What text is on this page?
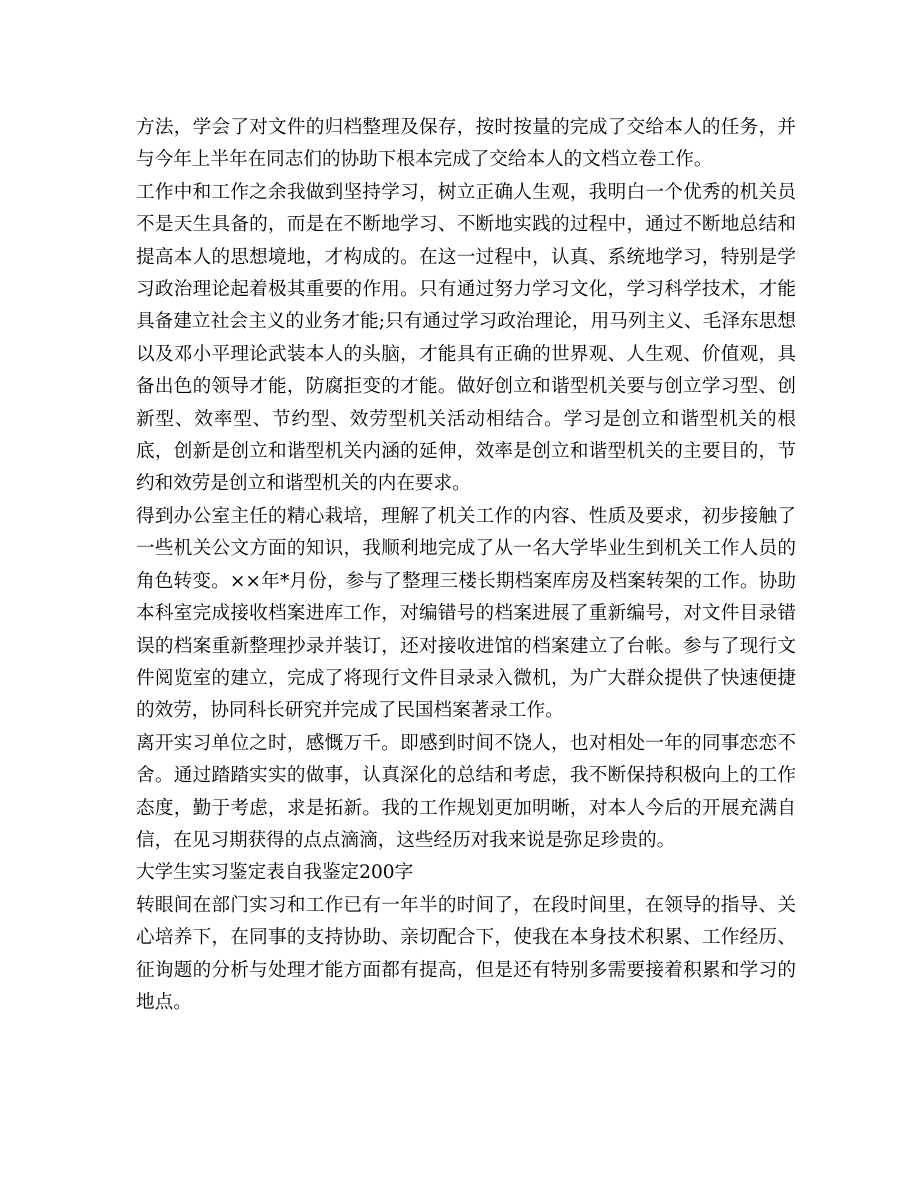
方法，学会了对文件的归档整理及保存，按时按量的完成了交给本人的任务，并与今年上半年在同志们的协助下根本完成了交给本人的文档立卷工作。

工作中和工作之余我做到坚持学习，树立正确人生观，我明白一个优秀的机关员不是天生具备的，而是在不断地学习、不断地实践的过程中，通过不断地总结和提高本人的思想境地，才构成的。在这一过程中，认真、系统地学习，特别是学习政治理论起着极其重要的作用。只有通过努力学习文化，学习科学技术，才能具备建立社会主义的业务才能;只有通过学习政治理论，用马列主义、毛泽东思想以及邓小平理论武装本人的头脑，才能具有正确的世界观、人生观、价值观，具备出色的领导才能，防腐拒变的才能。做好创立和谐型机关要与创立学习型、创新型、效率型、节约型、效劳型机关活动相结合。学习是创立和谐型机关的根底，创新是创立和谐型机关内涵的延伸，效率是创立和谐型机关的主要目的，节约和效劳是创立和谐型机关的内在要求。

得到办公室主任的精心栽培，理解了机关工作的内容、性质及要求，初步接触了一些机关公文方面的知识，我顺利地完成了从一名大学毕业生到机关工作人员的角色转变。××年*月份，参与了整理三楼长期档案库房及档案转架的工作。协助本科室完成接收档案进库工作，对编错号的档案进展了重新编号，对文件目录错误的档案重新整理抄录并装订，还对接收进馆的档案建立了台帐。参与了现行文件阅览室的建立，完成了将现行文件目录录入微机，为广大群众提供了快速便捷的效劳，协同科长研究并完成了民国档案著录工作。

离开实习单位之时，感慨万千。即感到时间不饶人，也对相处一年的同事恋恋不舍。通过踏踏实实的做事，认真深化的总结和考虑，我不断保持积极向上的工作态度，勤于考虑，求是拓新。我的工作规划更加明晰，对本人今后的开展充满自信，在见习期获得的点点滴滴，这些经历对我来说是弥足珍贵的。

大学生实习鉴定表自我鉴定200字

转眼间在部门实习和工作已有一年半的时间了，在段时间里，在领导的指导、关心培养下，在同事的支持协助、亲切配合下，使我在本身技术积累、工作经历、征询题的分析与处理才能方面都有提高，但是还有特别多需要接着积累和学习的地点。
